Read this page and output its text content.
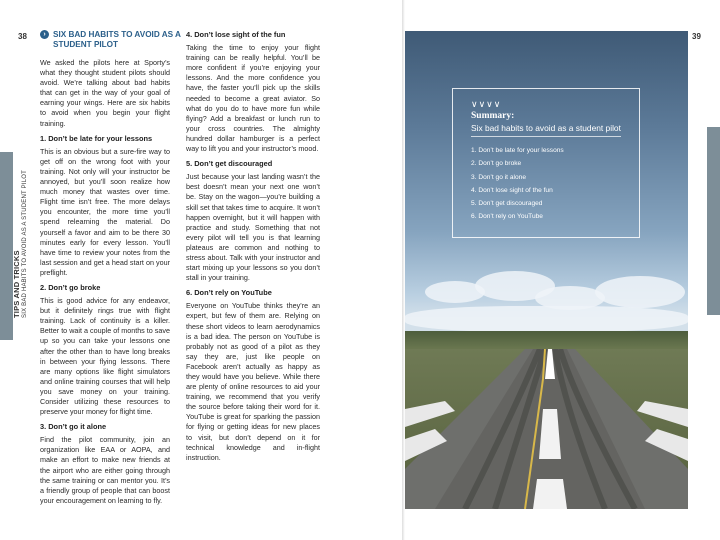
38
TIPS AND TRICKS SIX BAD HABITS TO AVOID AS A STUDENT PILOT
› SIX BAD HABITS TO AVOID AS A STUDENT PILOT

We asked the pilots here at Sporty’s what they thought student pilots should avoid. We’re talking about bad habits that can get in the way of your goal of earning your wings. Here are six habits to avoid when you begin your flight training.

1. Don’t be late for your lessons

This is an obvious but a sure-fire way to get off on the wrong foot with your training. Not only will your instructor be annoyed, but you’ll soon realize how much money that wastes over time. Flight time isn’t free. The more delays you encounter, the more time you’ll spend relearning the material. Do yourself a favor and aim to be there 30 minutes early for every lesson. You’ll have time to review your notes from the last session and get a head start on your preflight.

2. Don’t go broke

This is good advice for any endeavor, but it definitely rings true with flight training. Lack of continuity is a killer. Better to wait a couple of months to save up so you can take your lessons one after the other than to have long breaks in between your flying lessons. There are many options like flight simulators and online training courses that will help you save money on your training. Consider utilizing these resources to preserve your money for flight time.

3. Don’t go it alone

Find the pilot community, join an organization like EAA or AOPA, and make an effort to make new friends at the airport who are either going through the same training or can mentor you. It’s a friendly group of people that can boost your encouragement on learning to fly.

4. Don’t lose sight of the fun

Taking the time to enjoy your flight training can be really helpful. You’ll be more confident if you’re enjoying your lessons. And the more confidence you have, the faster you’ll pick up the skills needed to become a great aviator. So what do you do to have more fun while flying? Add a breakfast or lunch run to your cross countries. The almighty hundred dollar hamburger is a perfect way to lift you and your instructor’s mood.

5. Don’t get discouraged

Just because your last landing wasn’t the best doesn’t mean your next one won’t be. Stay on the wagon—you’re building a skill set that takes time to acquire. It won’t happen overnight, but it will happen with practice and study. Something that not every pilot will tell you is that learning plateaus are common and nothing to stress about. Talk with your instructor and start mixing up your lessons so you don’t stall in your training.

6. Don’t rely on YouTube

Everyone on YouTube thinks they’re an expert, but few of them are. Relying on these short videos to learn aerodynamics is a bad idea. The person on YouTube is probably not as good of a pilot as they say they are, just like people on Facebook aren’t actually as happy as they would have you believe. While there are plenty of online resources to aid your training, we recommend that you verify the source before taking their word for it. YouTube is great for sparking the passion for flying or getting ideas for new places to visit, but don’t depend on it for technical knowledge and in-flight instruction.

39
∨∨∨∨
Summary:
Six bad habits to avoid as a student pilot
1. Don’t be late for your lessons
2. Don’t go broke
3. Don’t go it alone
4. Don’t lose sight of the fun
5. Don’t get discouraged
6. Don’t rely on YouTube
